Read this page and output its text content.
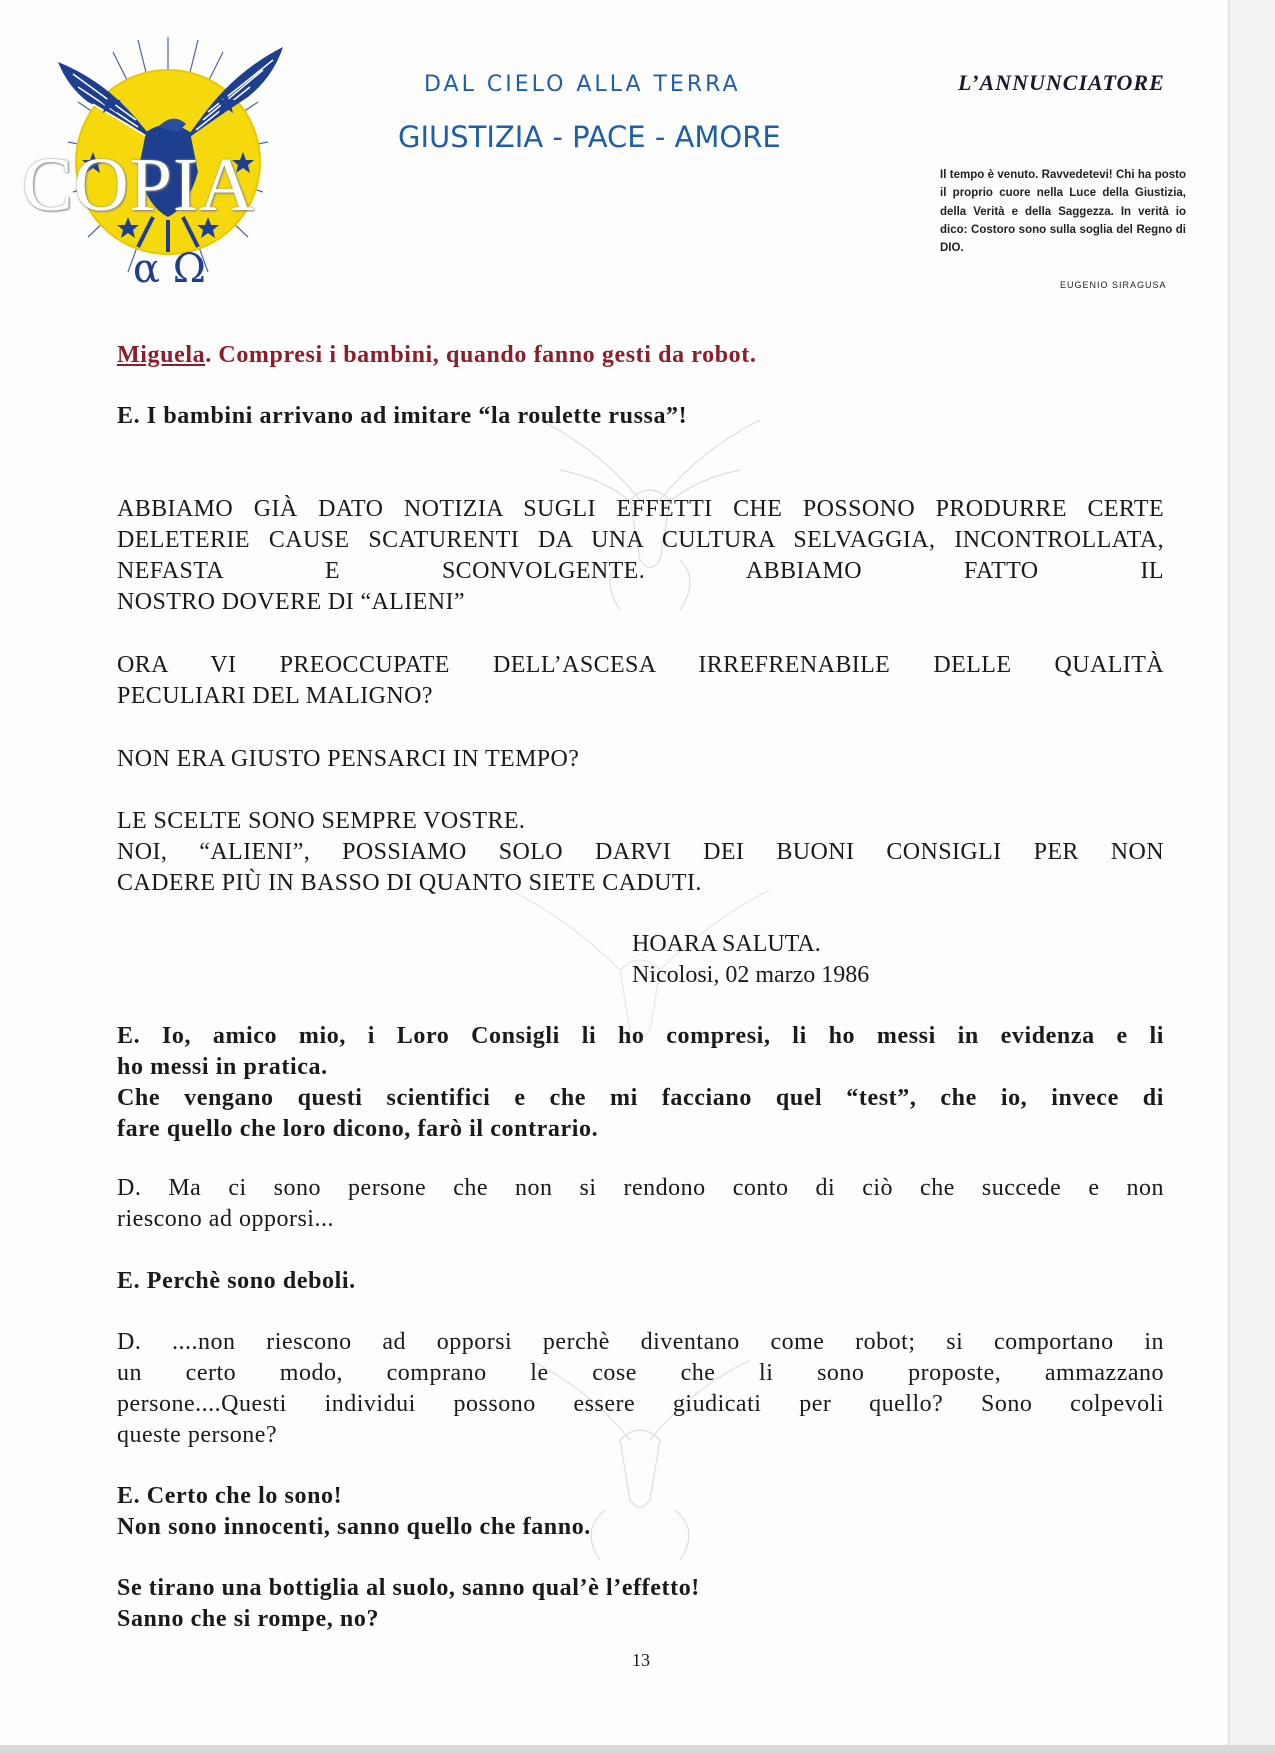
α Ω
COPIA
DAL CIELO ALLA TERRA
GIUSTIZIA - PACE - AMORE
L’ANNUNCIATORE
Il tempo è venuto. Ravvedetevi! Chi ha posto il proprio cuore nella Luce della Giustizia, della Verità e della Saggezza. In verità io dico: Costoro sono sulla soglia del Regno di DIO.
EUGENIO SIRAGUSA

Miguela. Compresi i bambini, quando fanno gesti da robot.

E. I bambini arrivano ad imitare “la roulette russa”!

ABBIAMO GIÀ DATO NOTIZIA SUGLI EFFETTI CHE POSSONO PRODURRE CERTE DELETERIE CAUSE SCATURENTI DA UNA CULTURA SELVAGGIA, INCONTROLLATA, NEFASTA E SCONVOLGENTE. ABBIAMO FATTO IL

NOSTRO DOVERE DI “ALIENI”

ORA VI PREOCCUPATE DELL’ASCESA IRREFRENABILE DELLE QUALITÀ

PECULIARI DEL MALIGNO?

NON ERA GIUSTO PENSARCI IN TEMPO?

LE SCELTE SONO SEMPRE VOSTRE.

NOI, “ALIENI”, POSSIAMO SOLO DARVI DEI BUONI CONSIGLI PER NON

CADERE PIÙ IN BASSO DI QUANTO SIETE CADUTI.

HOARA SALUTA.
Nicolosi, 02 marzo 1986

E. Io, amico mio, i Loro Consigli li ho compresi, li ho messi in evidenza e li

ho messi in pratica.

Che vengano questi scientifici e che mi facciano quel “test”, che io, invece di

fare quello che loro dicono, farò il contrario.

D. Ma ci sono persone che non si rendono conto di ciò che succede e non

riescono ad opporsi...

E. Perchè sono deboli.

D. ....non riescono ad opporsi perchè diventano come robot; si comportano in

un certo modo, comprano le cose che li sono proposte, ammazzano

persone....Questi individui possono essere giudicati per quello? Sono colpevoli

queste persone?

E. Certo che lo sono!

Non sono innocenti, sanno quello che fanno.

Se tirano una bottiglia al suolo, sanno qual’è l’effetto!

Sanno che si rompe, no?

13
